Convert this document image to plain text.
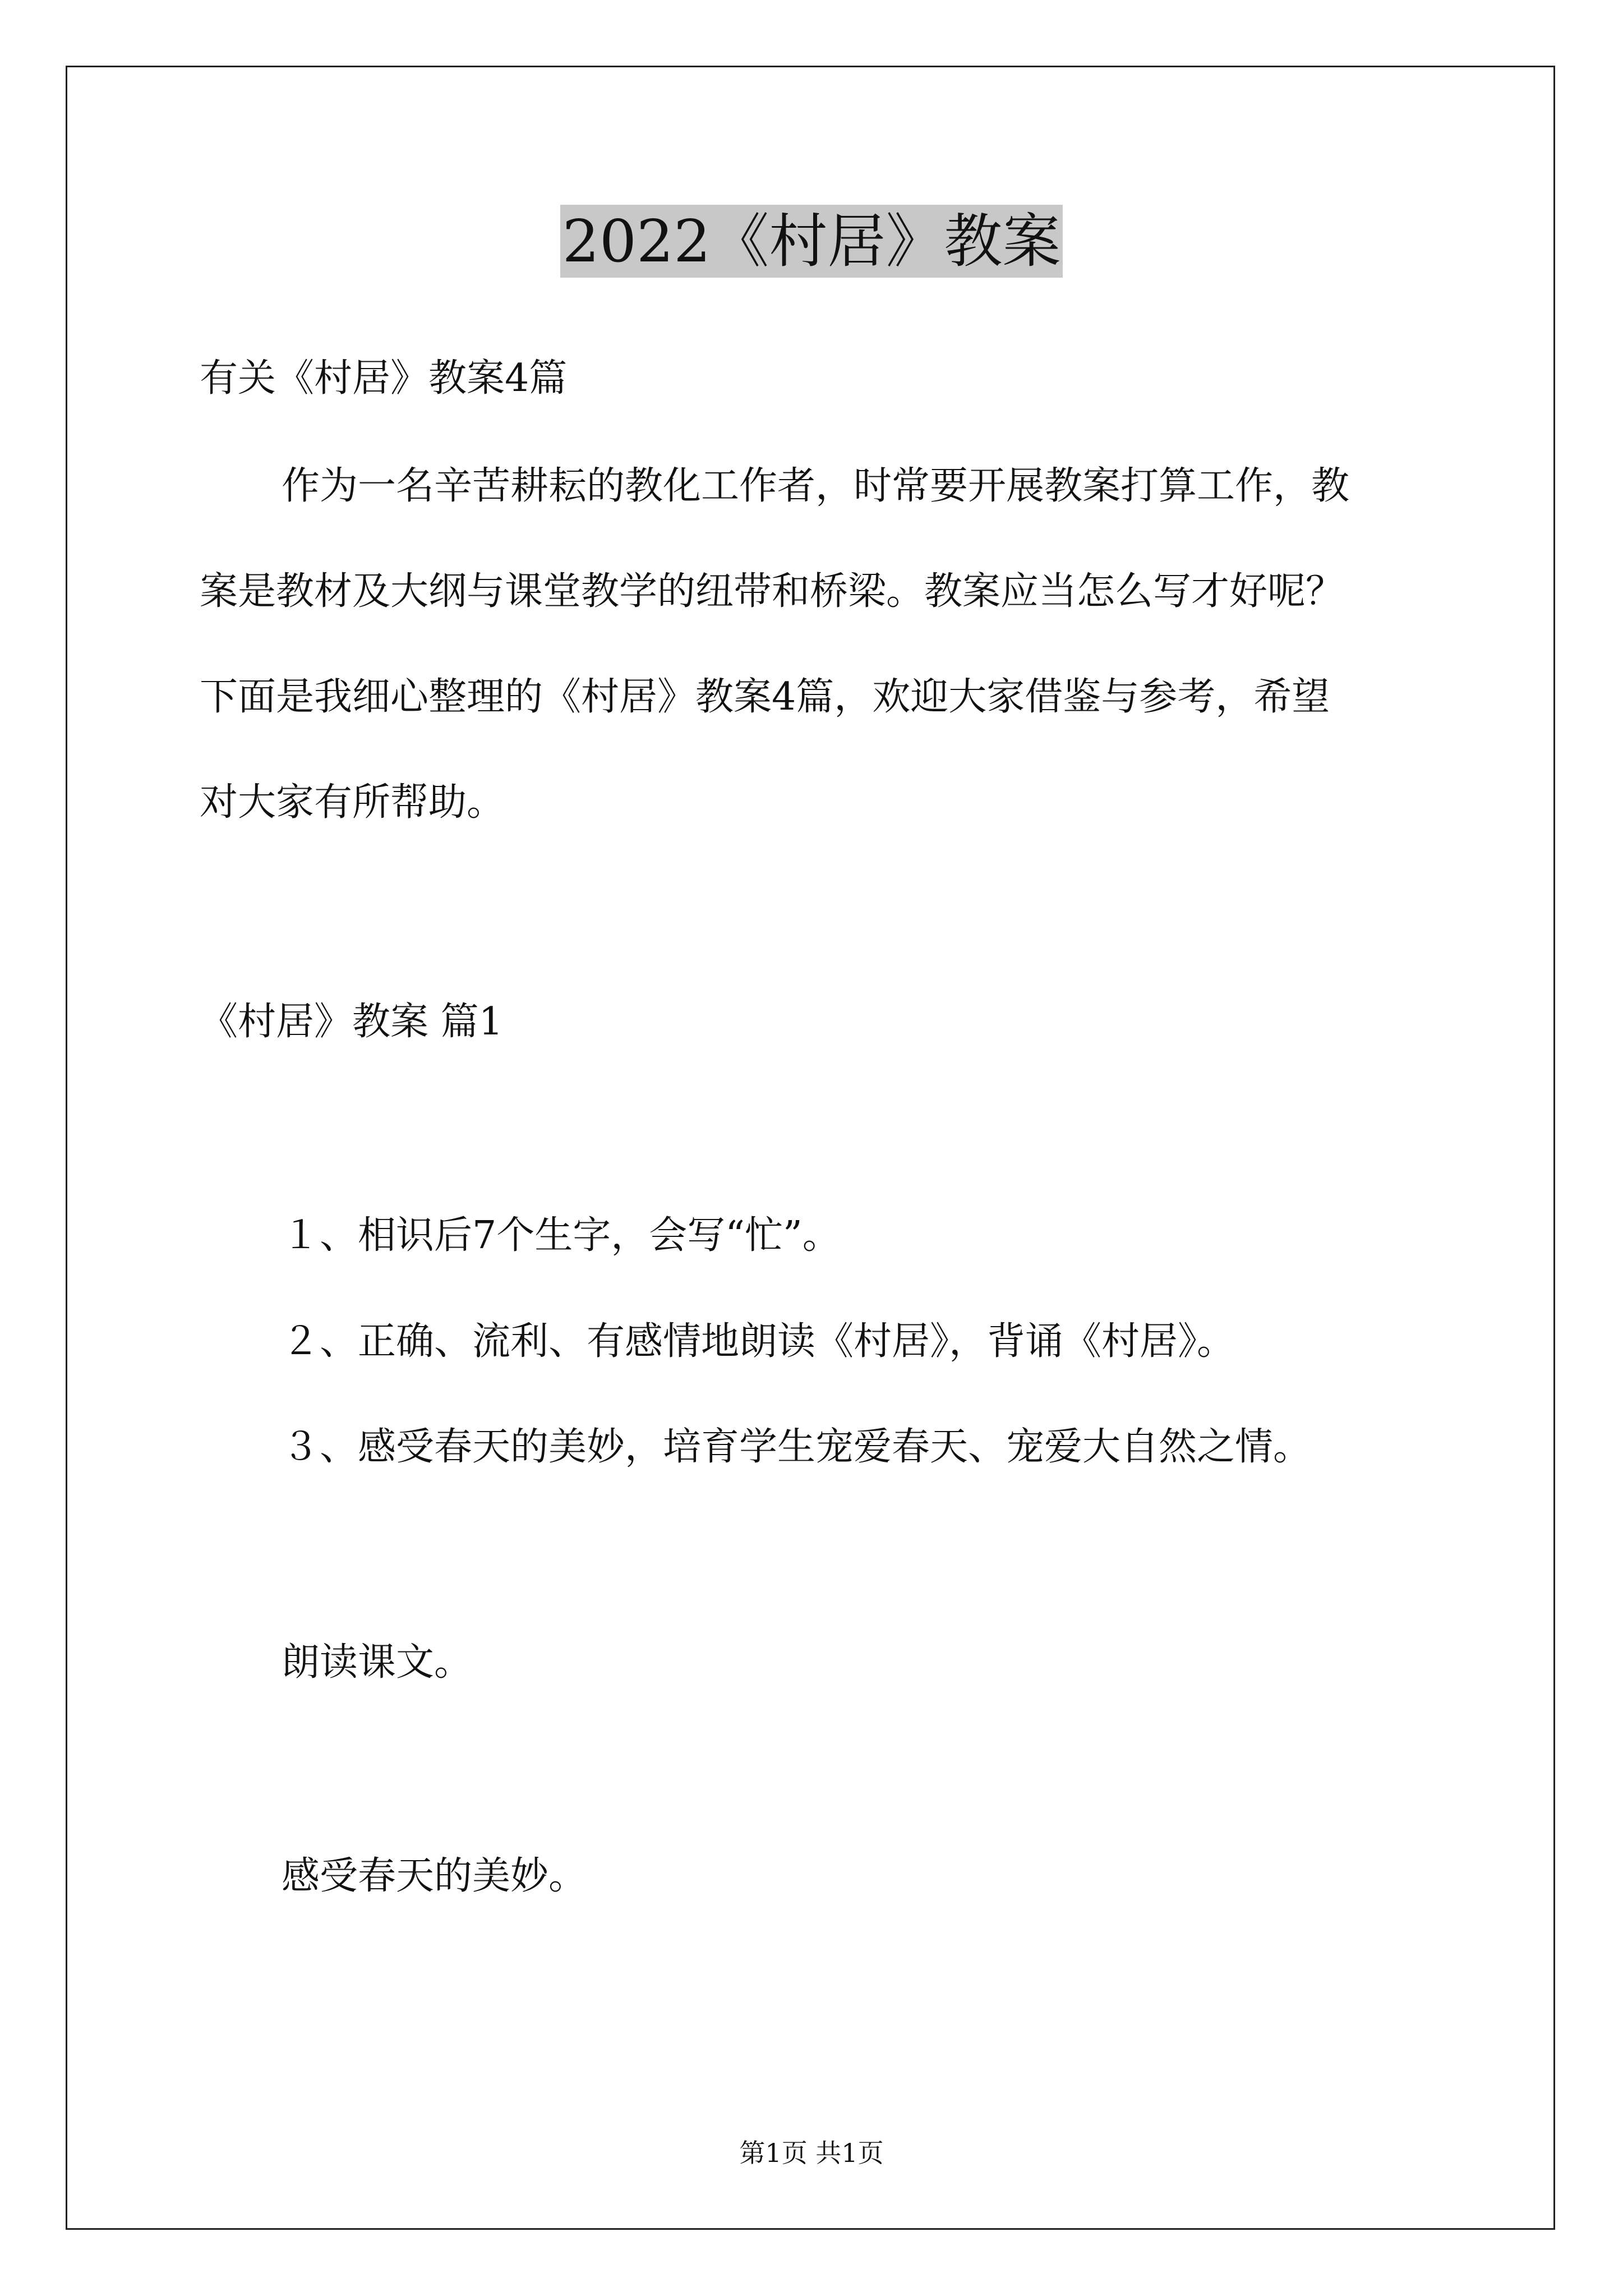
2022《村居》教案
有关《村居》教案4篇
作为一名辛苦耕耘的教化工作者，时常要开展教案打算工作，教
案是教材及大纲与课堂教学的纽带和桥梁。教案应当怎么写才好呢？
下面是我细心整理的《村居》教案4篇，欢迎大家借鉴与参考，希望
对大家有所帮助。
《村居》教案 篇1
１、相识后7个生字，会写“忙”。
２、正确、流利、有感情地朗读《村居》，背诵《村居》。
３、感受春天的美妙，培育学生宠爱春天、宠爱大自然之情。
朗读课文。
感受春天的美妙。
第1页 共1页
